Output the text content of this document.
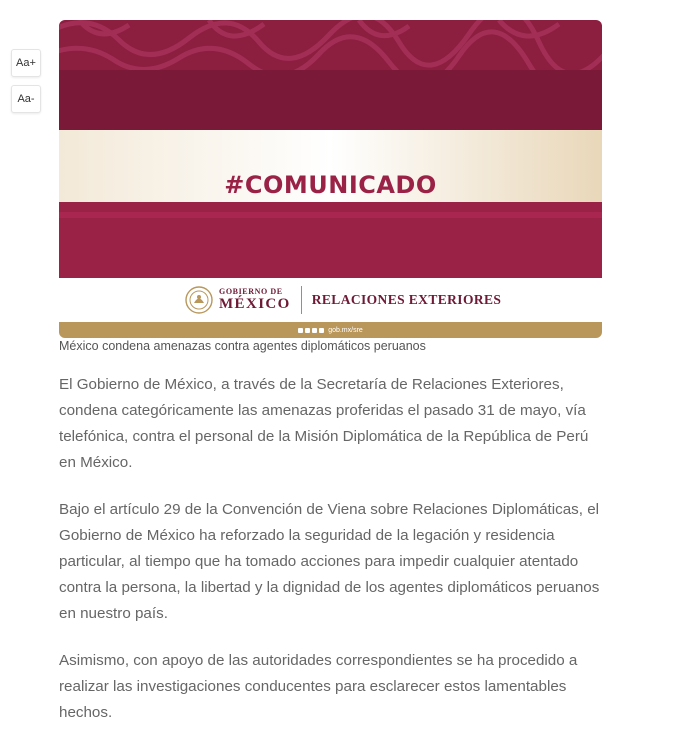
Aa+
Aa-
#COMUNICADO
GOBIERNO DE
MÉXICO RELACIONES EXTERIORES
gob.mx/sre
México condena amenazas contra agentes diplomáticos peruanos

El Gobierno de México, a través de la Secretaría de Relaciones Exteriores, condena categóricamente las amenazas proferidas el pasado 31 de mayo, vía telefónica, contra el personal de la Misión Diplomática de la República de Perú en México.

Bajo el artículo 29 de la Convención de Viena sobre Relaciones Diplomáticas, el Gobierno de México ha reforzado la seguridad de la legación y residencia particular, al tiempo que ha tomado acciones para impedir cualquier atentado contra la persona, la libertad y la dignidad de los agentes diplomáticos peruanos en nuestro país.

Asimismo, con apoyo de las autoridades correspondientes se ha procedido a realizar las investigaciones conducentes para esclarecer estos lamentables hechos.
